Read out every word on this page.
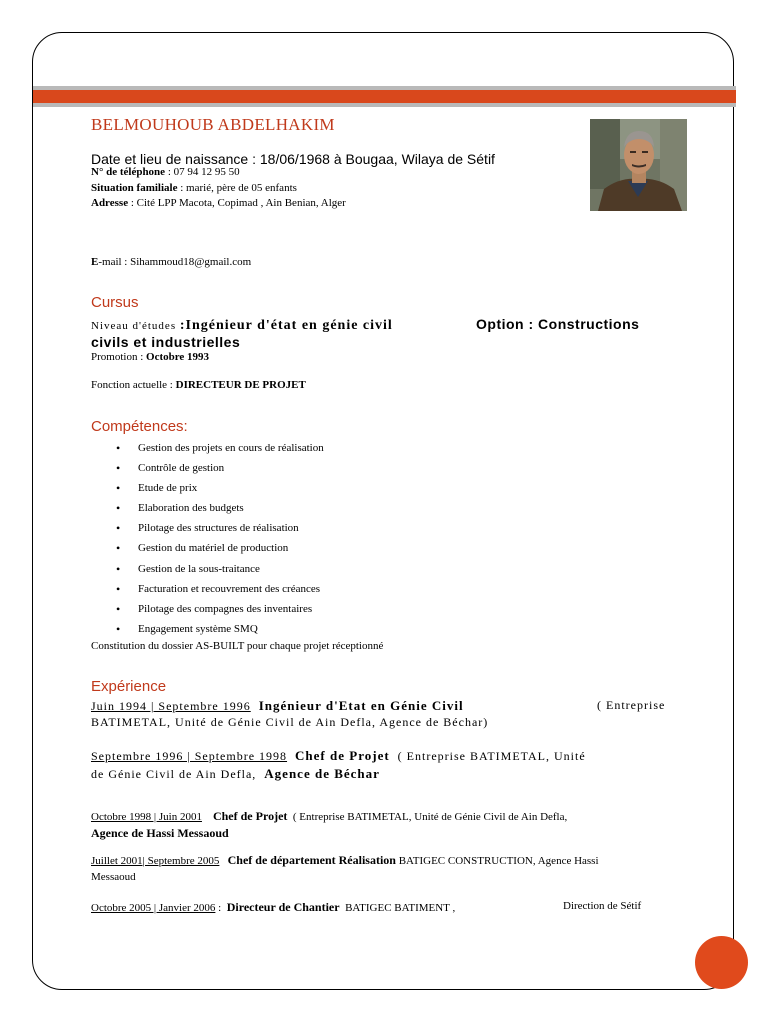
BELMOUHOUB ABDELHAKIM
Date et lieu de naissance : 18/06/1968 à Bougaa, Wilaya de Sétif
N° de téléphone : 07 94 12 95 50
Situation familiale : marié, père de 05 enfants
Adresse : Cité LPP Macota, Copimad , Ain Benian, Alger
E-mail : Sihammoud18@gmail.com
Cursus
Niveau d'études :Ingénieur d'état en génie civil	Option : Constructions
civils et industrielles
Promotion : Octobre 1993
Fonction actuelle : DIRECTEUR DE PROJET
Compétences:
• Gestion des projets en cours de réalisation
• Contrôle de gestion
• Etude de prix
• Elaboration des budgets
• Pilotage des structures de réalisation
• Gestion du matériel de production
• Gestion de la sous-traitance
• Facturation et recouvrement des créances
• Pilotage des compagnes des inventaires
• Engagement système SMQ
Constitution du dossier AS-BUILT pour chaque projet réceptionné
Expérience
Juin 1994 | Septembre 1996 Ingénieur d'Etat en Génie Civil	( Entreprise
BATIMETAL, Unité de Génie Civil de Ain Defla, Agence de Béchar)
Septembre 1996 | Septembre 1998 Chef de Projet ( Entreprise BATIMETAL, Unité
de Génie Civil de Ain Defla, Agence de Béchar
Octobre 1998 | Juin 2001 Chef de Projet ( Entreprise BATIMETAL, Unité de Génie Civil de Ain Defla,
Agence de Hassi Messaoud
Juillet 2001| Septembre 2005 Chef de département Réalisation BATIGEC CONSTRUCTION, Agence Hassi
Messaoud
Octobre 2005 | Janvier 2006 :  Directeur de Chantier BATIGEC BATIMENT ,	Direction de Sétif
